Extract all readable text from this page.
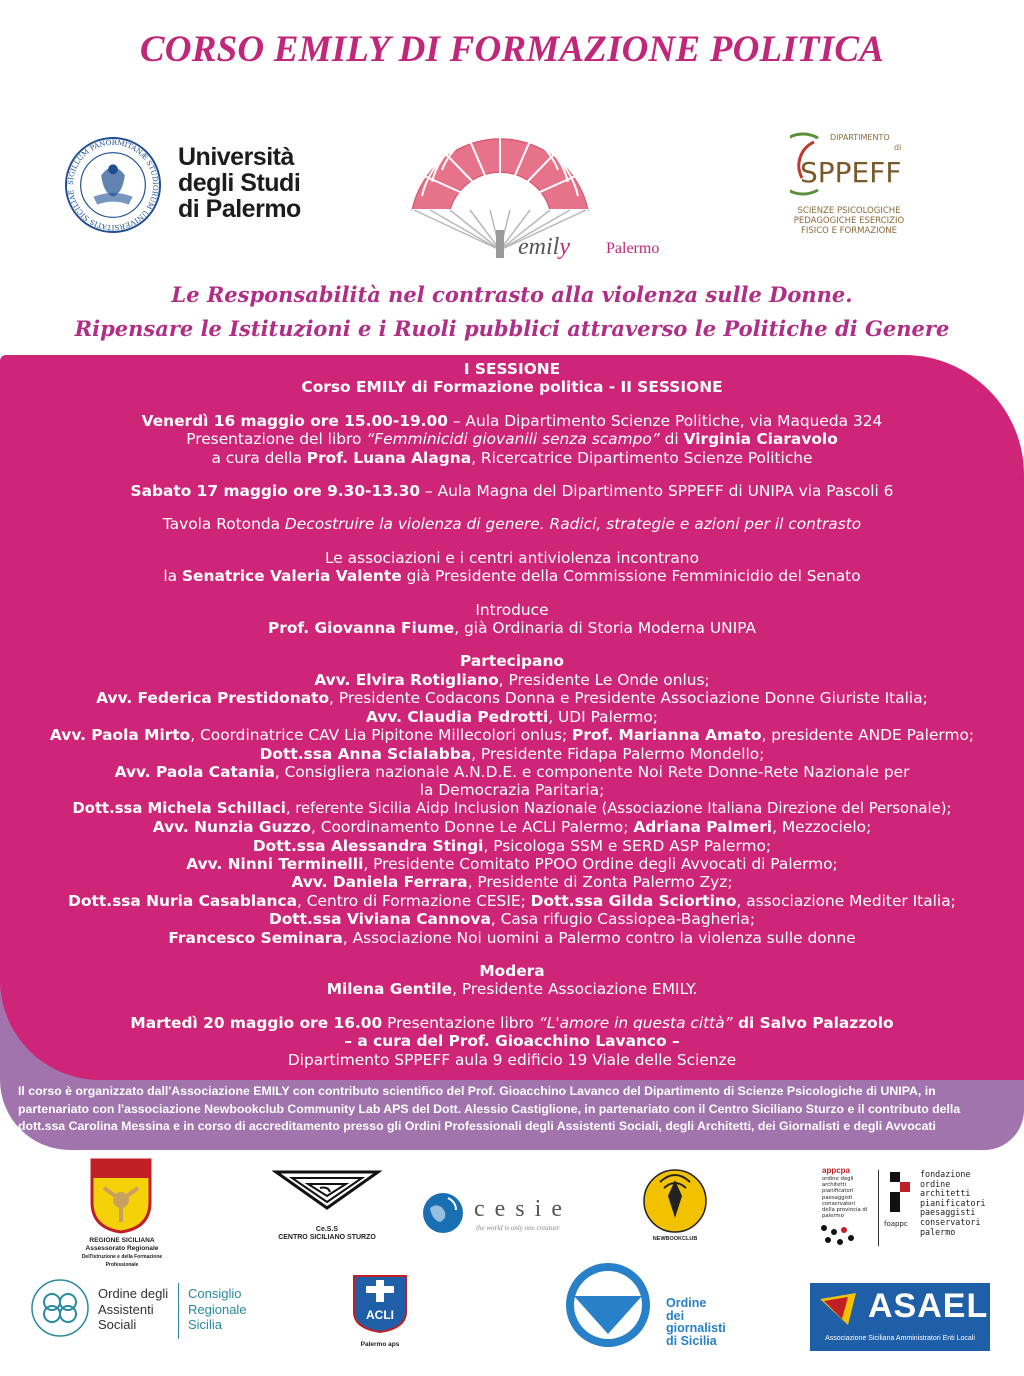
CORSO EMILY DI FORMAZIONE POLITICA
SIGILLUM PANORMITANÆ STUDIORUM UNIVERSITATIS SICILIAE
Università
degli Studi
di Palermo
emily Palermo
DIPARTIMENTO
di
SPPEFF
SCIENZE PSICOLOGICHE
PEDAGOGICHE ESERCIZIO
FISICO E FORMAZIONE
Le Responsabilità nel contrasto alla violenza sulle Donne.
Ripensare le Istituzioni e i Ruoli pubblici attraverso le Politiche di Genere

I SESSIONE

Corso EMILY di Formazione politica - II SESSIONE

Venerdì 16 maggio ore 15.00-19.00 – Aula Dipartimento Scienze Politiche, via Maqueda 324

Presentazione del libro “Femminicidi giovanili senza scampo” di Virginia Ciaravolo

a cura della Prof. Luana Alagna, Ricercatrice Dipartimento Scienze Politiche

Sabato 17 maggio ore 9.30-13.30 – Aula Magna del Dipartimento SPPEFF di UNIPA via Pascoli 6

Tavola Rotonda Decostruire la violenza di genere. Radici, strategie e azioni per il contrasto

Le associazioni e i centri antiviolenza incontrano

la Senatrice Valeria Valente già Presidente della Commissione Femminicidio del Senato

Introduce

Prof. Giovanna Fiume, già Ordinaria di Storia Moderna UNIPA

Partecipano

Avv. Elvira Rotigliano, Presidente Le Onde onlus;

Avv. Federica Prestidonato, Presidente Codacons Donna e Presidente Associazione Donne Giuriste Italia;

Avv. Claudia Pedrotti, UDI Palermo;

Avv. Paola Mirto, Coordinatrice CAV Lia Pipitone Millecolori onlus; Prof. Marianna Amato, presidente ANDE Palermo;

Dott.ssa Anna Scialabba, Presidente Fidapa Palermo Mondello;

Avv. Paola Catania, Consigliera nazionale A.N.D.E. e componente Noi Rete Donne-Rete Nazionale per

la Democrazia Paritaria;

Dott.ssa Michela Schillaci, referente Sicilia Aidp Inclusion Nazionale (Associazione Italiana Direzione del Personale);

Avv. Nunzia Guzzo, Coordinamento Donne Le ACLI Palermo; Adriana Palmeri, Mezzocielo;

Dott.ssa Alessandra Stingi, Psicologa SSM e SERD ASP Palermo;

Avv. Ninni Terminelli, Presidente Comitato PPOO Ordine degli Avvocati di Palermo;

Avv. Daniela Ferrara, Presidente di Zonta Palermo Zyz;

Dott.ssa Nuria Casablanca, Centro di Formazione CESIE; Dott.ssa Gilda Sciortino, associazione Mediter Italia;

Dott.ssa Viviana Cannova, Casa rifugio Cassiopea-Bagheria;

Francesco Seminara, Associazione Noi uomini a Palermo contro la violenza sulle donne

Modera

Milena Gentile, Presidente Associazione EMILY.

Martedì 20 maggio ore 16.00 Presentazione libro “L'amore in questa città” di Salvo Palazzolo

– a cura del Prof. Gioacchino Lavanco –

Dipartimento SPPEFF aula 9 edificio 19 Viale delle Scienze

Il corso è organizzato dall'Associazione EMILY con contributo scientifico del Prof. Gioacchino Lavanco del Dipartimento di Scienze Psicologiche di UNIPA, in
partenariato con l'associazione Newbookclub Community Lab APS del Dott. Alessio Castiglione, in partenariato con il Centro Siciliano Sturzo e il contributo della
dott.ssa Carolina Messina e in corso di accreditamento presso gli Ordini Professionali degli Assistenti Sociali, degli Architetti, dei Giornalisti e degli Avvocati
REGIONE SICILIANA
Assessorato Regionale
Dell'Istruzione e della Formazione Professionale
Ce.S.S
CENTRO SICILIANO STURZO
c e s i e
the world is only one creature
NEWBOOKCLUB
appcpa
ordine degli
architetti
pianificatori
paesaggisti
conservatori
della provincia di
palermo
foappc
fondazione
ordine
architetti
pianificatori
paesaggisti
conservatori
palermo
Ordine degli
Assistenti
Sociali
Consiglio
Regionale
Sicilia
ACLI
Palermo aps
Ordine
dei
giornalisti
di Sicilia
ASAEL
Associazione Siciliana Amministratori Enti Locali
